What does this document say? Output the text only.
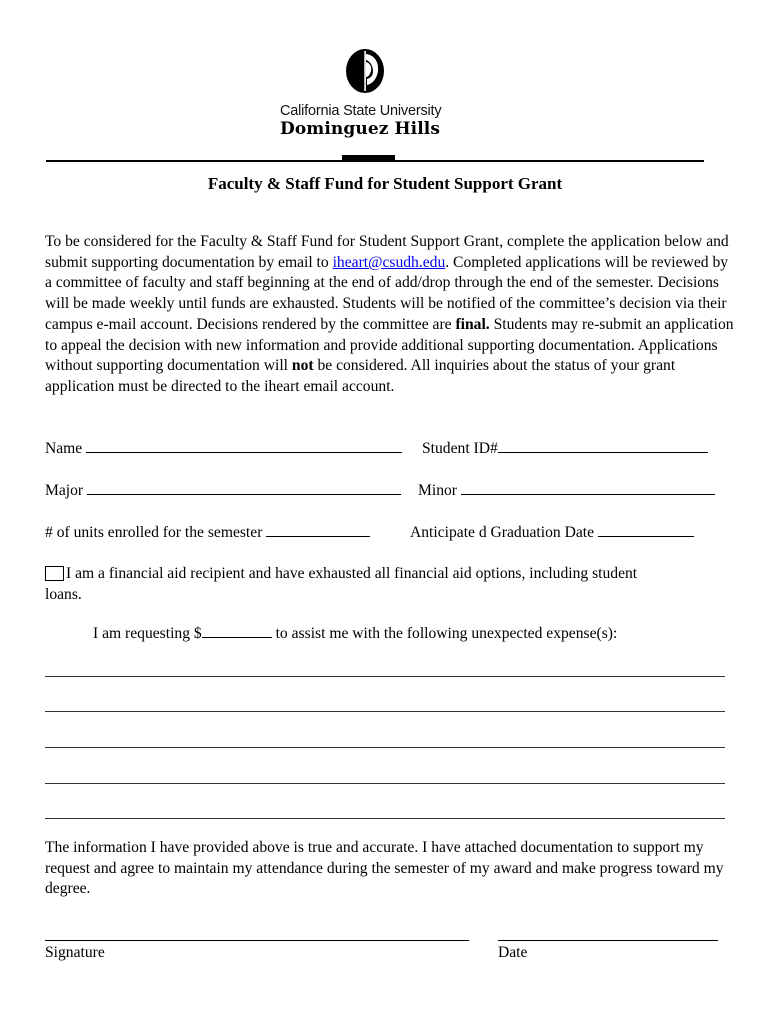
California State University
Dominguez Hills
Faculty & Staff Fund for Student Support Grant
To be considered for the Faculty & Staff Fund for Student Support Grant, complete the application below and submit supporting documentation by email to iheart@csudh.edu. Completed applications will be reviewed by a committee of faculty and staff beginning at the end of add/drop through the end of the semester. Decisions will be made weekly until funds are exhausted. Students will be notified of the committee’s decision via their campus e-mail account. Decisions rendered by the committee are final. Students may re-submit an application to appeal the decision with new information and provide additional supporting documentation. Applications without supporting documentation will not be considered. All inquiries about the status of your grant application must be directed to the iheart email account.
Name	Student ID#
Major	Minor
# of units enrolled for the semester	Anticipate d Graduation Date
I am a financial aid recipient and have exhausted all financial aid options, including student
loans.
I am requesting $	to assist me with the following unexpected expense(s):
The information I have provided above is true and accurate. I have attached documentation to support my request and agree to maintain my attendance during the semester of my award and make progress toward my degree.
Signature	Date
